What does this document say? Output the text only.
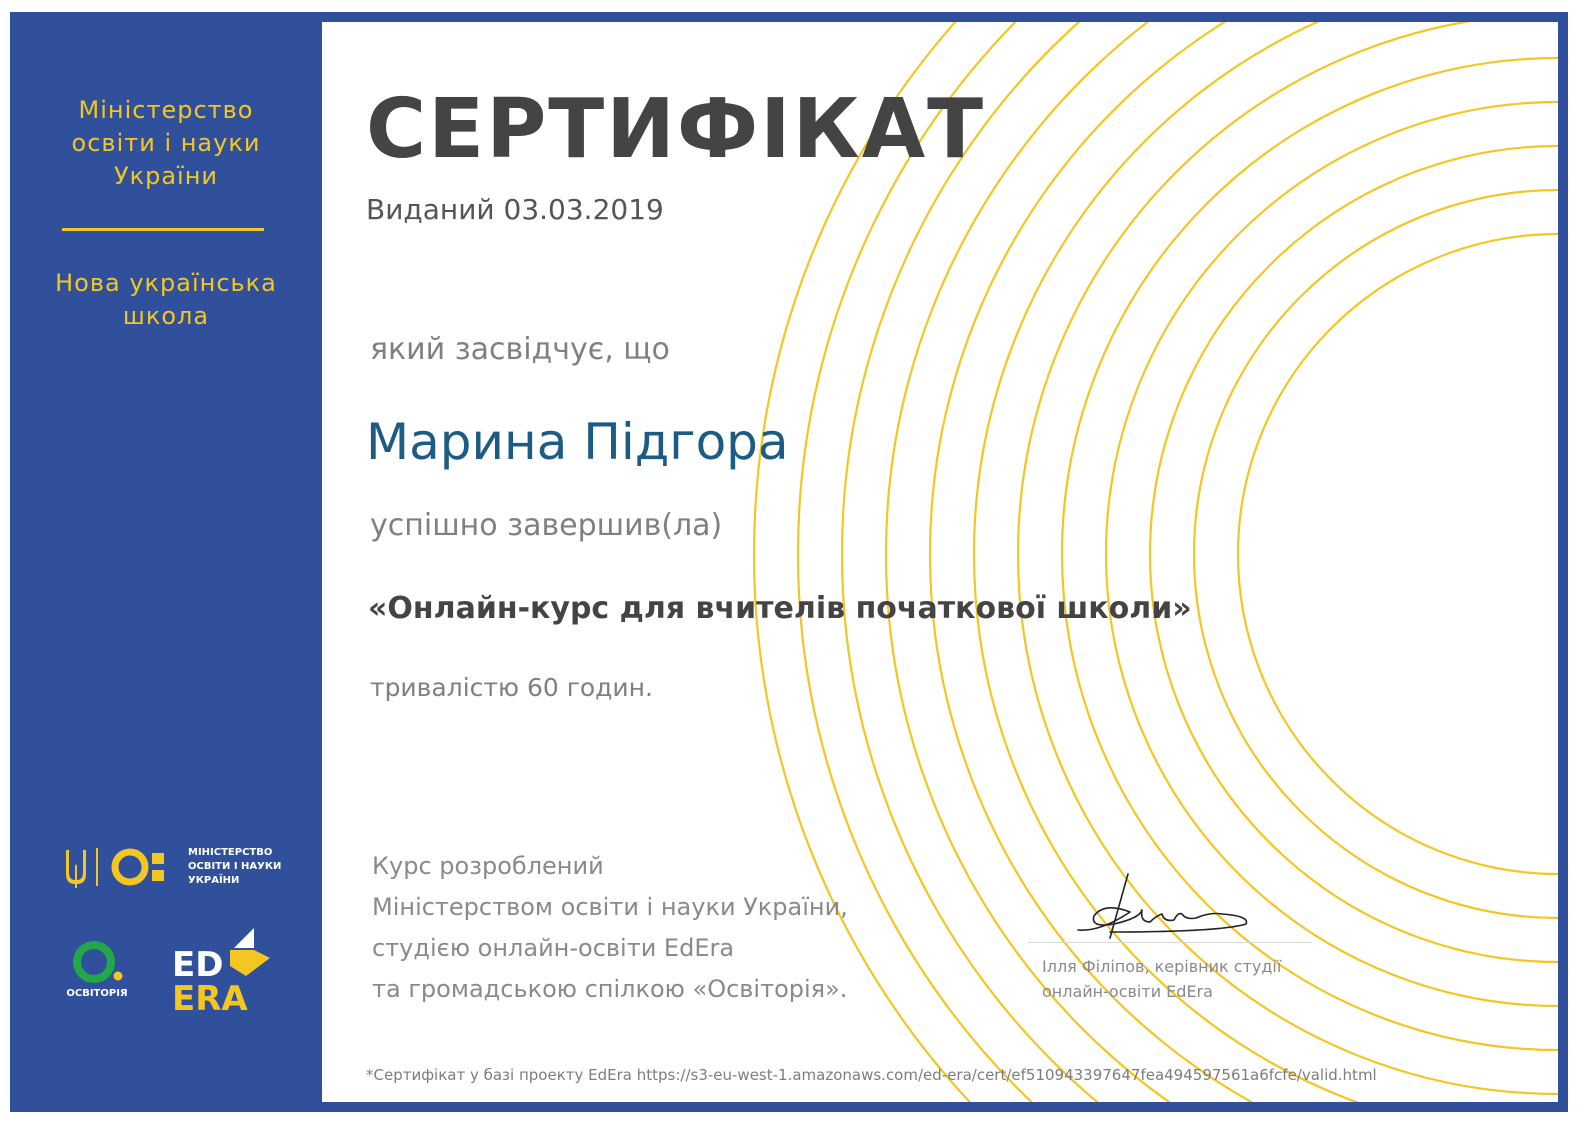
Міністерство
освіти і науки
України
Нова українська
школа
МІНІСТЕРСТВО
ОСВІТИ І НАУКИ
УКРАЇНИ
ОСВІТОРІЯ
ED
ERA
СЕРТИФІКАТ
Виданий 03.03.2019
який засвідчує, що
Марина Підгора
успішно завершив(ла)
«Онлайн-курс для вчителів початкової школи»
тривалістю 60 годин.
Курс розроблений
Міністерством освіти і науки України,
студією онлайн-освіти EdEra
та громадською спілкою «Освіторія».
Ілля Філіпов, керівник студії
онлайн-освіти EdEra
*Сертифікат у базі проекту EdEra https://s3-eu-west-1.amazonaws.com/ed-era/cert/ef510943397647fea494597561a6fcfe/valid.html
